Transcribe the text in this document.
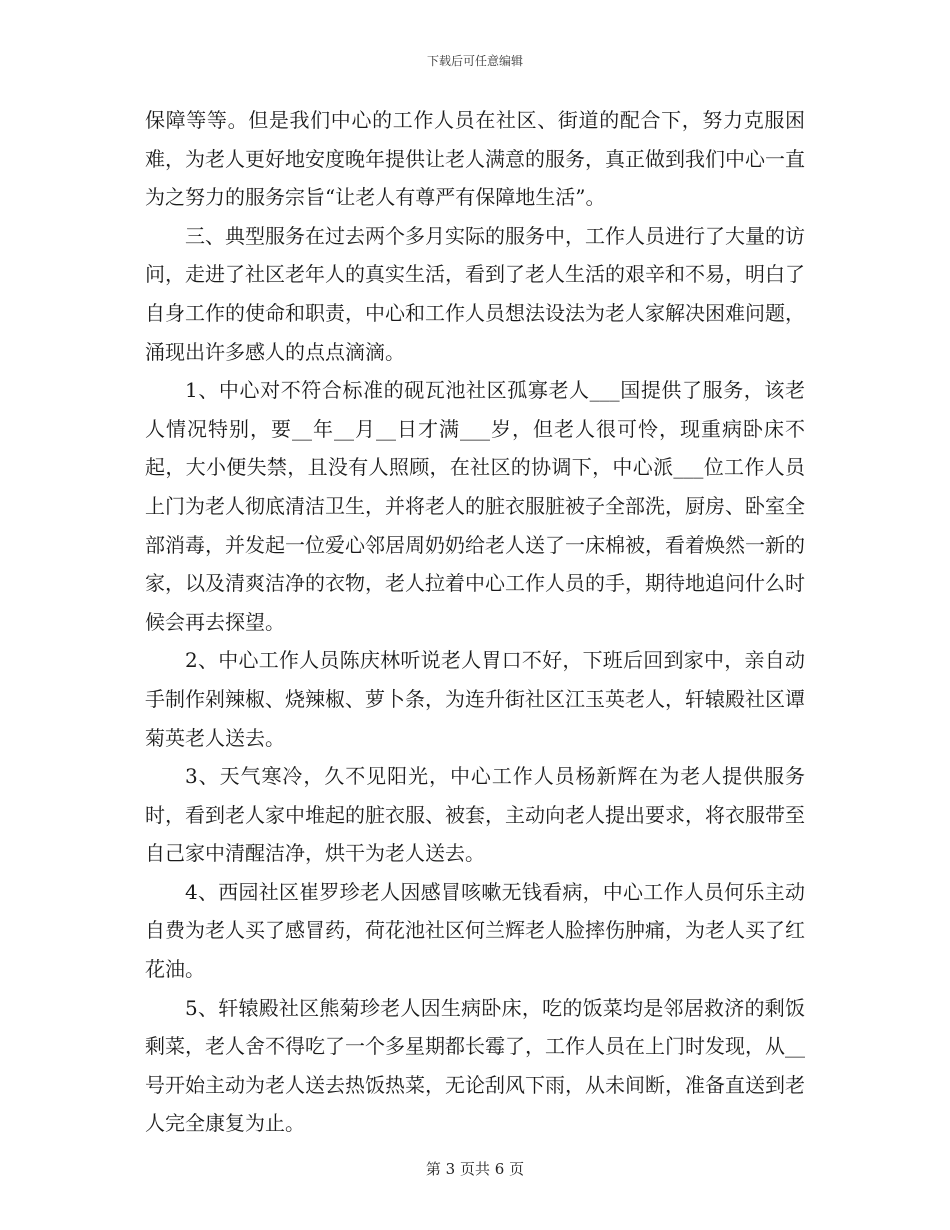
下载后可任意编辑

保障等等。但是我们中心的工作人员在社区、街道的配合下，努力克服困难，为老人更好地安度晚年提供让老人满意的服务，真正做到我们中心一直为之努力的服务宗旨“让老人有尊严有保障地生活”。

三、典型服务在过去两个多月实际的服务中，工作人员进行了大量的访问，走进了社区老年人的真实生活，看到了老人生活的艰辛和不易，明白了自身工作的使命和职责，中心和工作人员想法设法为老人家解决困难问题，涌现出许多感人的点点滴滴。

1、中心对不符合标准的砚瓦池社区孤寡老人___国提供了服务，该老人情况特别，要__年__月__日才满___岁，但老人很可怜，现重病卧床不起，大小便失禁，且没有人照顾，在社区的协调下，中心派___位工作人员上门为老人彻底清洁卫生，并将老人的脏衣服脏被子全部洗，厨房、卧室全部消毒，并发起一位爱心邻居周奶奶给老人送了一床棉被，看着焕然一新的家，以及清爽洁净的衣物，老人拉着中心工作人员的手，期待地追问什么时候会再去探望。

2、中心工作人员陈庆林听说老人胃口不好，下班后回到家中，亲自动手制作剁辣椒、烧辣椒、萝卜条，为连升街社区江玉英老人，轩辕殿社区谭菊英老人送去。

3、天气寒冷，久不见阳光，中心工作人员杨新辉在为老人提供服务时，看到老人家中堆起的脏衣服、被套，主动向老人提出要求，将衣服带至自己家中清醒洁净，烘干为老人送去。

4、西园社区崔罗珍老人因感冒咳嗽无钱看病，中心工作人员何乐主动自费为老人买了感冒药，荷花池社区何兰辉老人脸摔伤肿痛，为老人买了红花油。

5、轩辕殿社区熊菊珍老人因生病卧床，吃的饭菜均是邻居救济的剩饭剩菜，老人舍不得吃了一个多星期都长霉了，工作人员在上门时发现，从__号开始主动为老人送去热饭热菜，无论刮风下雨，从未间断，准备直送到老人完全康复为止。

第 3 页共 6 页
